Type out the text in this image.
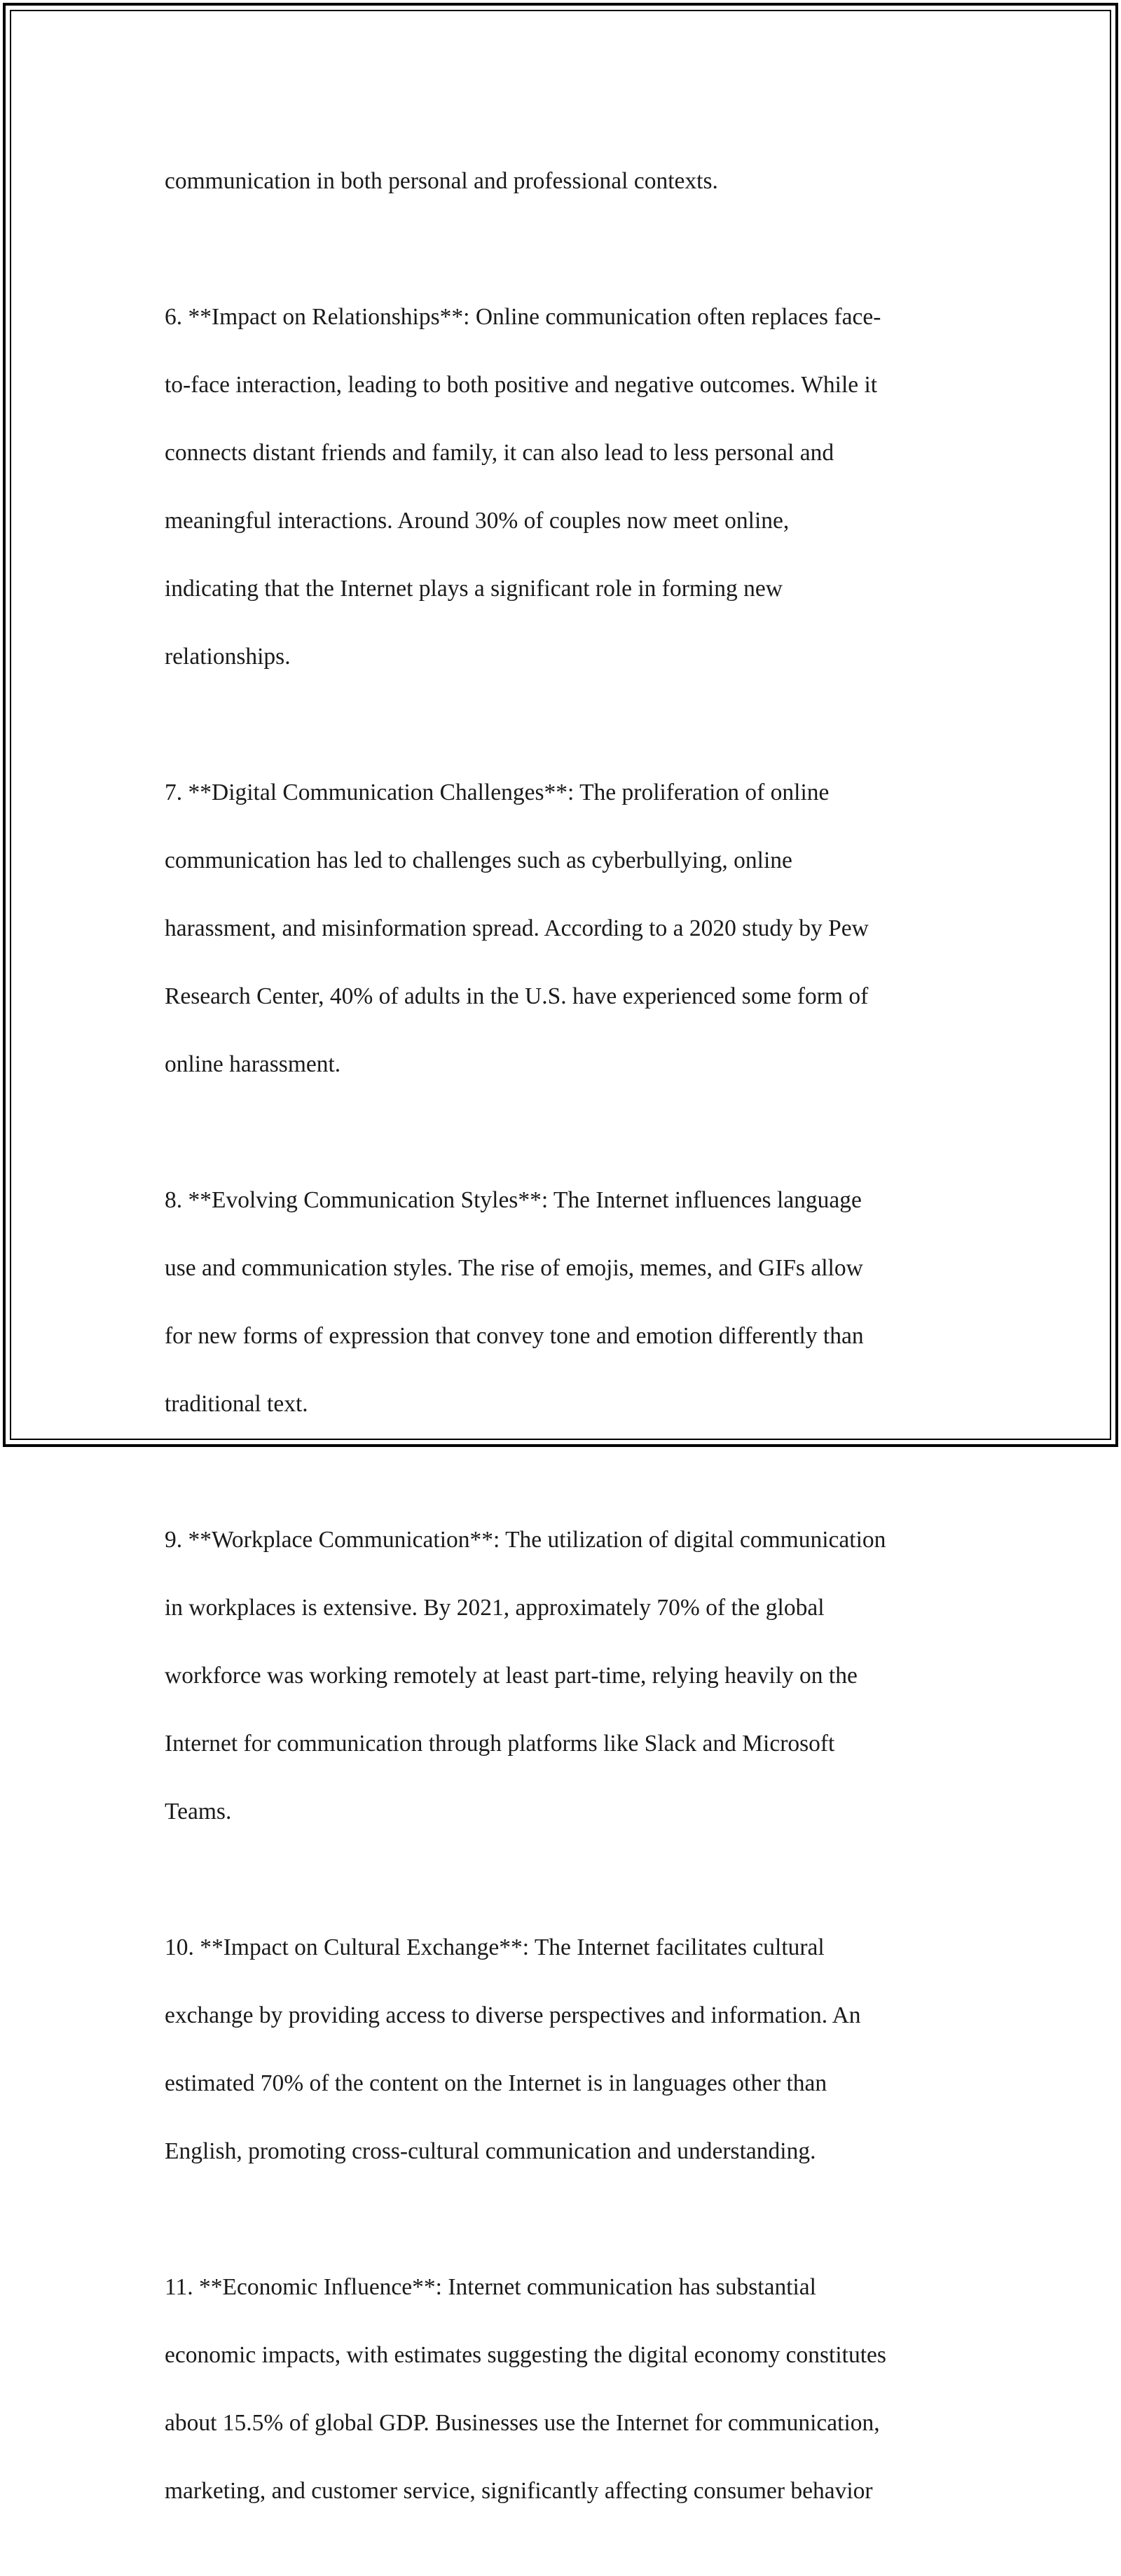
communication in both personal and professional contexts.

6. **Impact on Relationships**: Online communication often replaces face-

to-face interaction, leading to both positive and negative outcomes. While it

connects distant friends and family, it can also lead to less personal and

meaningful interactions. Around 30% of couples now meet online,

indicating that the Internet plays a significant role in forming new

relationships.

7. **Digital Communication Challenges**: The proliferation of online

communication has led to challenges such as cyberbullying, online

harassment, and misinformation spread. According to a 2020 study by Pew

Research Center, 40% of adults in the U.S. have experienced some form of

online harassment.

8. **Evolving Communication Styles**: The Internet influences language

use and communication styles. The rise of emojis, memes, and GIFs allow

for new forms of expression that convey tone and emotion differently than

traditional text.

9. **Workplace Communication**: The utilization of digital communication

in workplaces is extensive. By 2021, approximately 70% of the global

workforce was working remotely at least part-time, relying heavily on the

Internet for communication through platforms like Slack and Microsoft

Teams.

10. **Impact on Cultural Exchange**: The Internet facilitates cultural

exchange by providing access to diverse perspectives and information. An

estimated 70% of the content on the Internet is in languages other than

English, promoting cross-cultural communication and understanding.

11. **Economic Influence**: Internet communication has substantial

economic impacts, with estimates suggesting the digital economy constitutes

about 15.5% of global GDP. Businesses use the Internet for communication,

marketing, and customer service, significantly affecting consumer behavior
